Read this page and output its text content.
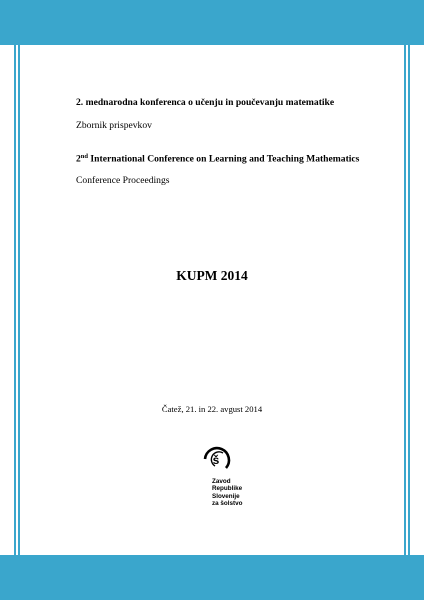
2. mednarodna konferenca o učenju in poučevanju matematike
Zbornik prispevkov
2nd International Conference on Learning and Teaching Mathematics
Conference Proceedings
KUPM 2014
Čatež, 21. in 22. avgust 2014
š
Zavod
Republike
Slovenije
za šolstvo
